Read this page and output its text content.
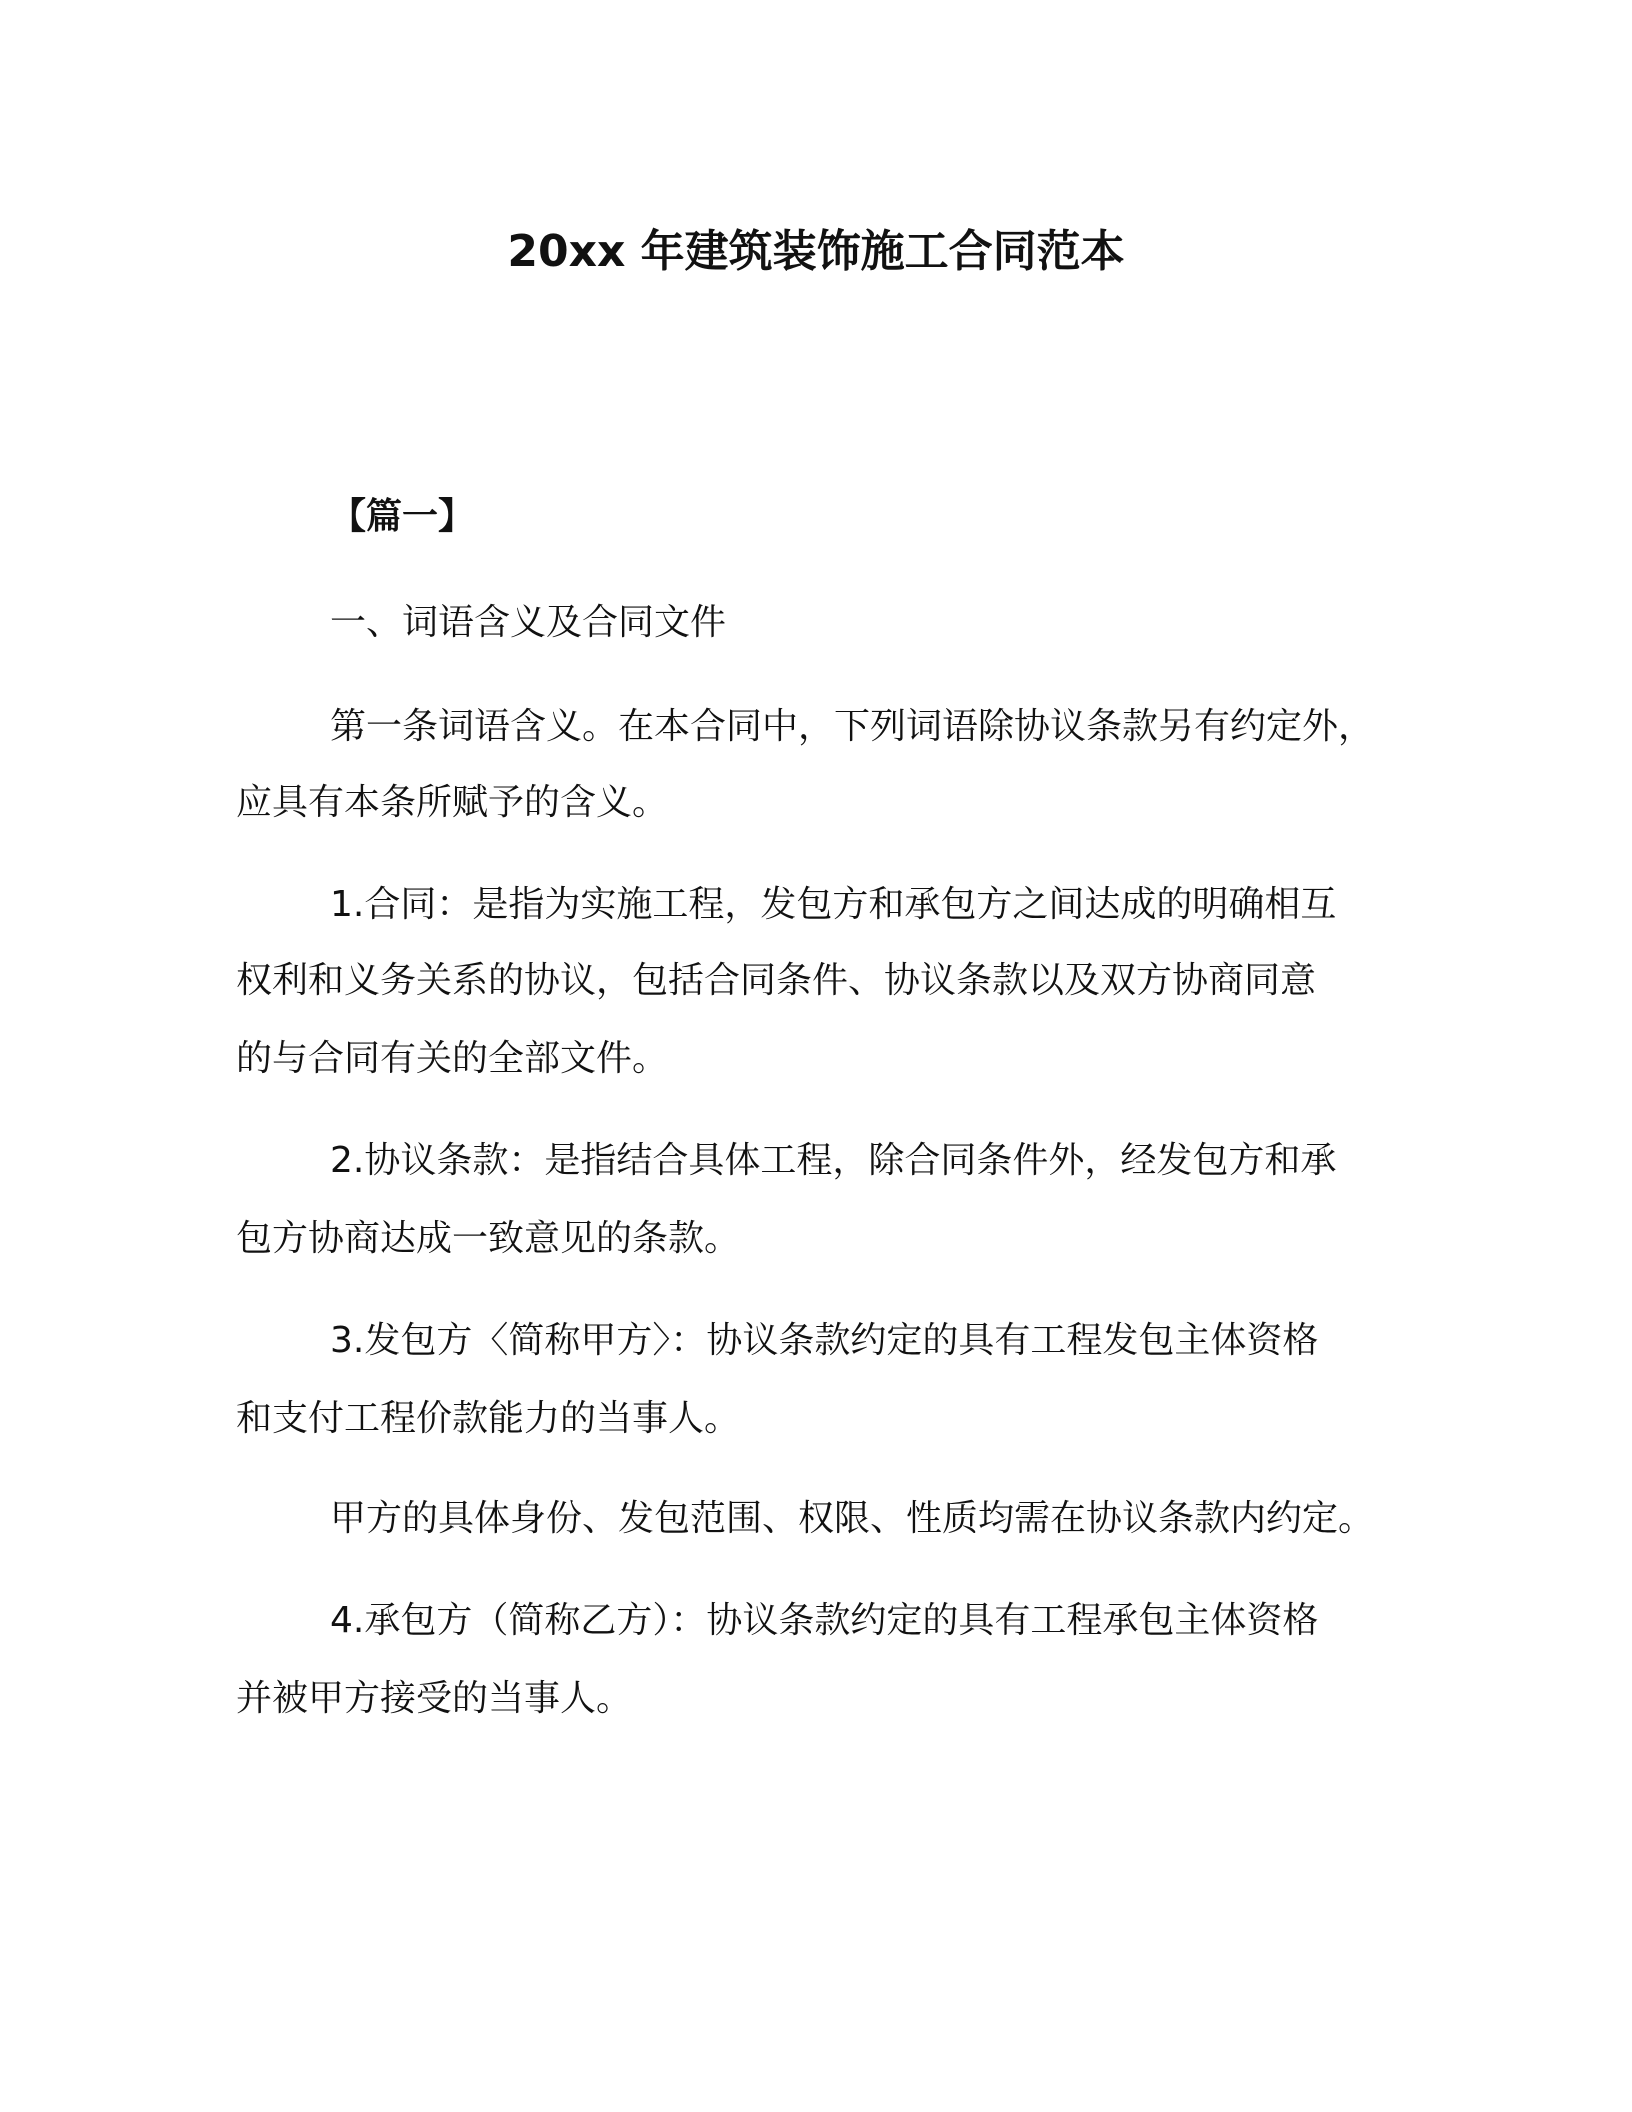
20xx 年建筑装饰施工合同范本
【篇一】
一、词语含义及合同文件
第一条词语含义。在本合同中，下列词语除协议条款另有约定外，
应具有本条所赋予的含义。
1.合同：是指为实施工程，发包方和承包方之间达成的明确相互
权利和义务关系的协议，包括合同条件、协议条款以及双方协商同意
的与合同有关的全部文件。
2.协议条款：是指结合具体工程，除合同条件外，经发包方和承
包方协商达成一致意见的条款。
3.发包方〈简称甲方〉：协议条款约定的具有工程发包主体资格
和支付工程价款能力的当事人。
甲方的具体身份、发包范围、权限、性质均需在协议条款内约定。
4.承包方（简称乙方）：协议条款约定的具有工程承包主体资格
并被甲方接受的当事人。
